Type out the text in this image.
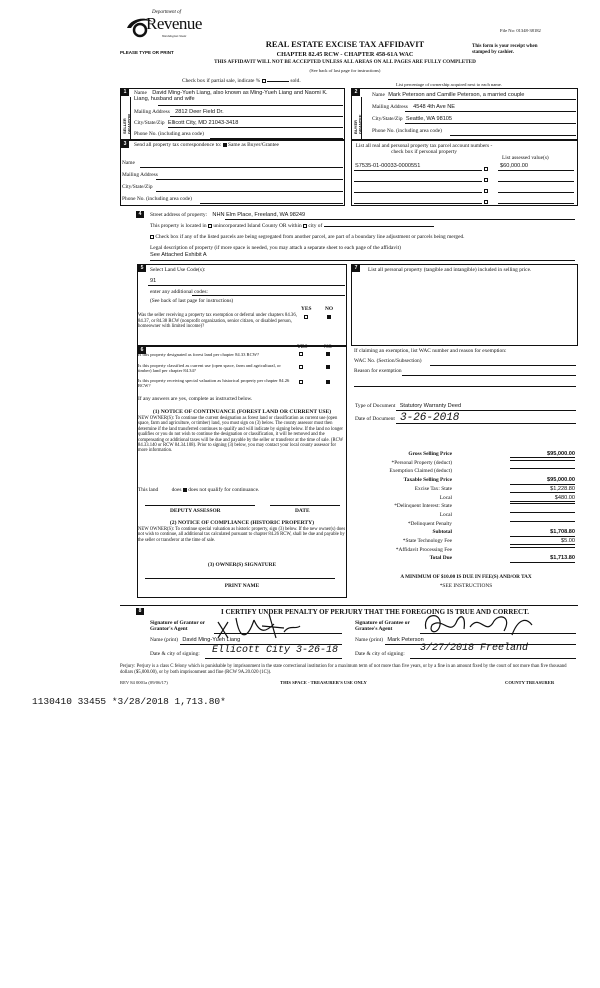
Department of
Revenue
Washington State
PLEASE TYPE OR PRINT
REAL ESTATE EXCISE TAX AFFIDAVIT
CHAPTER 82.45 RCW - CHAPTER 458-61A WAC
THIS AFFIDAVIT WILL NOT BE ACCEPTED UNLESS ALL AREAS ON ALL PAGES ARE FULLY COMPLETED
(See back of last page for instructions)
File No: 01348-38182
This form is your receipt when stamped by cashier.
Check box if partial sale, indicate %	sold.
List percentage of ownership acquired next to each name.
1
SELLER GRANTOR
Name David Ming-Yueh Liang, also known as Ming-Yueh Liang and Naomi K. Liang, husband and wife
Mailing Address 2812 Deer Field Dr.
City/State/Zip Ellicott City, MD 21043-3418
Phone No. (including area code)
2
BUYER GRANTEE
Name Mark Peterson and Camille Peterson, a married couple
Mailing Address 4548 4th Ave NE
City/State/Zip Seattle, WA 98105
Phone No. (including area code)
3	Send all property tax correspondence to: Same as Buyer/Grantee
Name
Mailing Address
City/State/Zip
Phone No. (including area code)
List all real and personal property tax parcel account numbers - check box if personal property
List assessed value(s)
S7535-01-00033-0000551	$60,000.00
4	Street address of property: NHN Elm Place, Freeland, WA 98249
This property is located in unincorporated Island County OR within city of
Check box if any of the listed parcels are being segregated from another parcel, are part of a boundary line adjustment or parcels being merged.
Legal description of property (if more space is needed, you may attach a separate sheet to each page of the affidavit)
See Attached Exhibit A
5	Select Land Use Code(s):
91
enter any additional codes:
(See back of last page for instructions)
YES	NO
Was the seller receiving a property tax exemption or deferral under chapters 84.36, 84.37, or 84.38 RCW (nonprofit organization, senior citizen, or disabled person, homeowner with limited income)?
7	List all personal property (tangible and intangible) included in selling price.
6	YES	NO
Is this property designated as forest land per chapter 84.33 RCW?
Is this property classified as current use (open space, farm and agricultural, or timber) land per chapter 84.34?
Is this property receiving special valuation as historical property per chapter 84.26 RCW?
If any answers are yes, complete as instructed below.
(1) NOTICE OF CONTINUANCE (FOREST LAND OR CURRENT USE)
NEW OWNER(S): To continue the current designation as forest land or classification as current use (open space, farm and agriculture, or timber) land, you must sign on (3) below. The county assessor must then determine if the land transferred continues to qualify and will indicate by signing below. If the land no longer qualifies or you do not wish to continue the designation or classification, it will be removed and the compensating or additional taxes will be due and payable by the seller or transferor at the time of sale. (RCW 84.33.140 or RCW 84.34.108). Prior to signing (3) below, you may contact your local county assessor for more information.
This land does does not qualify for continuance.
DEPUTY ASSESSOR	DATE
(2) NOTICE OF COMPLIANCE (HISTORIC PROPERTY)
NEW OWNER(S): To continue special valuation as historic property, sign (3) below. If the new owner(s) does not wish to continue, all additional tax calculated pursuant to chapter 84.26 RCW, shall be due and payable by the seller or transferor at the time of sale.
(3) OWNER(S) SIGNATURE
PRINT NAME
If claiming an exemption, list WAC number and reason for exemption:
WAC No. (Section/Subsection)
Reason for exemption
Type of Document Statutory Warranty Deed
Date of Document 3-26-2018
Gross Selling Price	$95,000.00
*Personal Property (deduct)
Exemption Claimed (deduct)
Taxable Selling Price	$95,000.00
Excise Tax: State	$1,228.80
Local	$480.00
*Delinquent Interest: State
Local
*Delinquent Penalty
Subtotal	$1,708.80
*State Technology Fee	$5.00
*Affidavit Processing Fee
Total Due	$1,713.80
A MINIMUM OF $10.00 IS DUE IN FEE(S) AND/OR TAX
*SEE INSTRUCTIONS
8	I CERTIFY UNDER PENALTY OF PERJURY THAT THE FOREGOING IS TRUE AND CORRECT.
Signature of Grantor or Grantor's Agent
Name (print) David Ming-Yueh Liang
Date & city of signing: Ellicott City 3-26-18
Signature of Grantee or Grantee's Agent
Name (print) Mark Peterson
Date & city of signing: 3/27/2018 Freeland
Perjury: Perjury is a class C felony which is punishable by imprisonment in the state correctional institution for a maximum term of not more than five years, or by a fine in an amount fixed by the court of not more than five thousand dollars ($5,000.00), or by both imprisonment and fine (RCW 9A.20.020 (1C)).
REV 84 0001a (09/06/17)	THIS SPACE - TREASURER'S USE ONLY	COUNTY TREASURER
1130410 33455 *3/28/2018 1,713.80*
